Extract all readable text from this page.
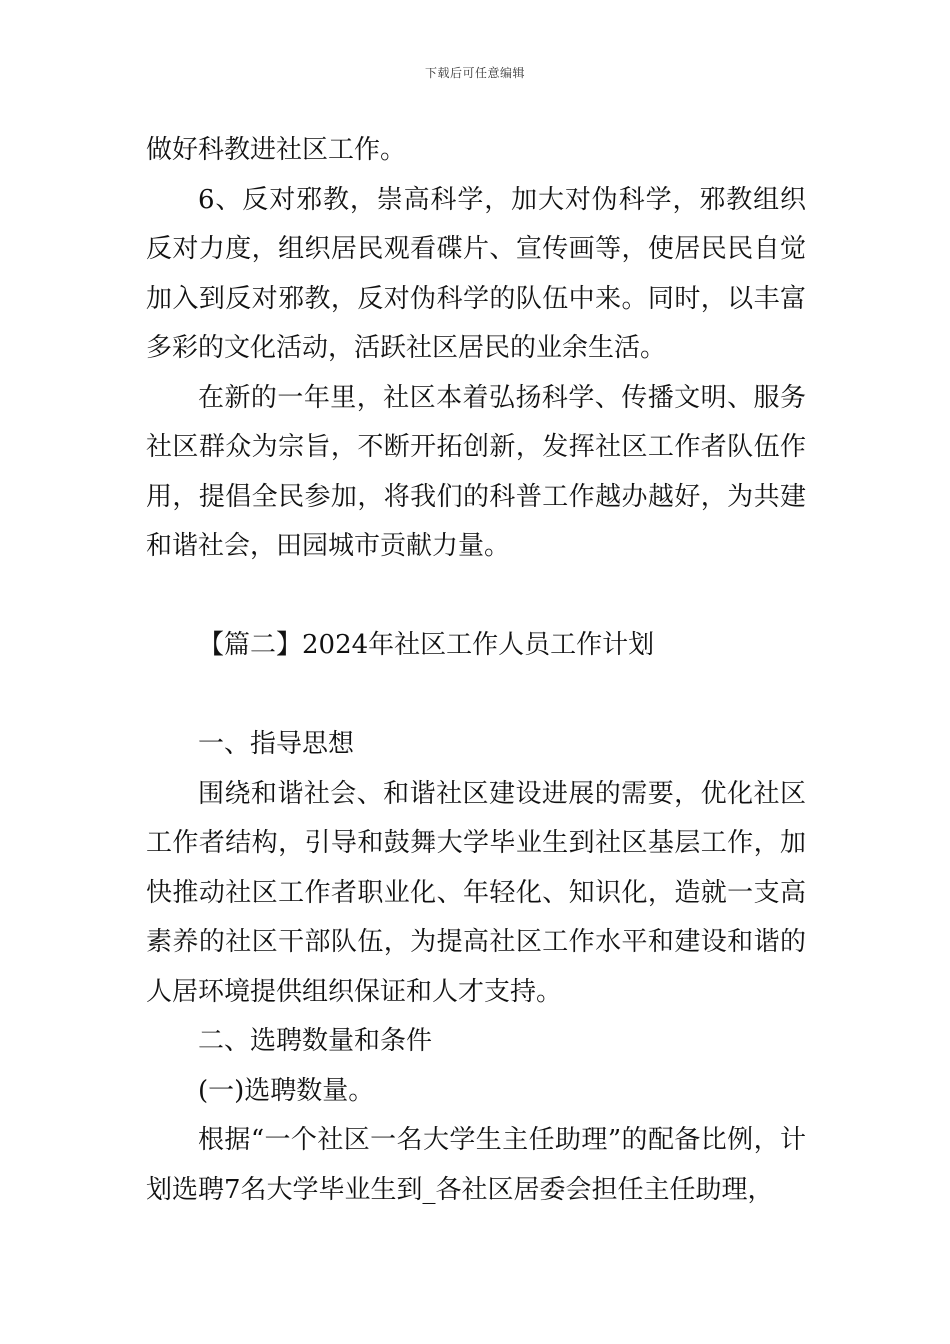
下载后可任意编辑

做好科教进社区工作。

6、反对邪教，崇高科学，加大对伪科学，邪教组织反对力度，组织居民观看碟片、宣传画等，使居民民自觉加入到反对邪教，反对伪科学的队伍中来。同时，以丰富多彩的文化活动，活跃社区居民的业余生活。

在新的一年里，社区本着弘扬科学、传播文明、服务社区群众为宗旨，不断开拓创新，发挥社区工作者队伍作用，提倡全民参加，将我们的科普工作越办越好，为共建和谐社会，田园城市贡献力量。

【篇二】2024年社区工作人员工作计划

一、指导思想

围绕和谐社会、和谐社区建设进展的需要，优化社区工作者结构，引导和鼓舞大学毕业生到社区基层工作，加快推动社区工作者职业化、年轻化、知识化，造就一支高素养的社区干部队伍，为提高社区工作水平和建设和谐的人居环境提供组织保证和人才支持。

二、选聘数量和条件

(一)选聘数量。

根据“一个社区一名大学生主任助理”的配备比例，计划选聘7名大学毕业生到_各社区居委会担任主任助理，
